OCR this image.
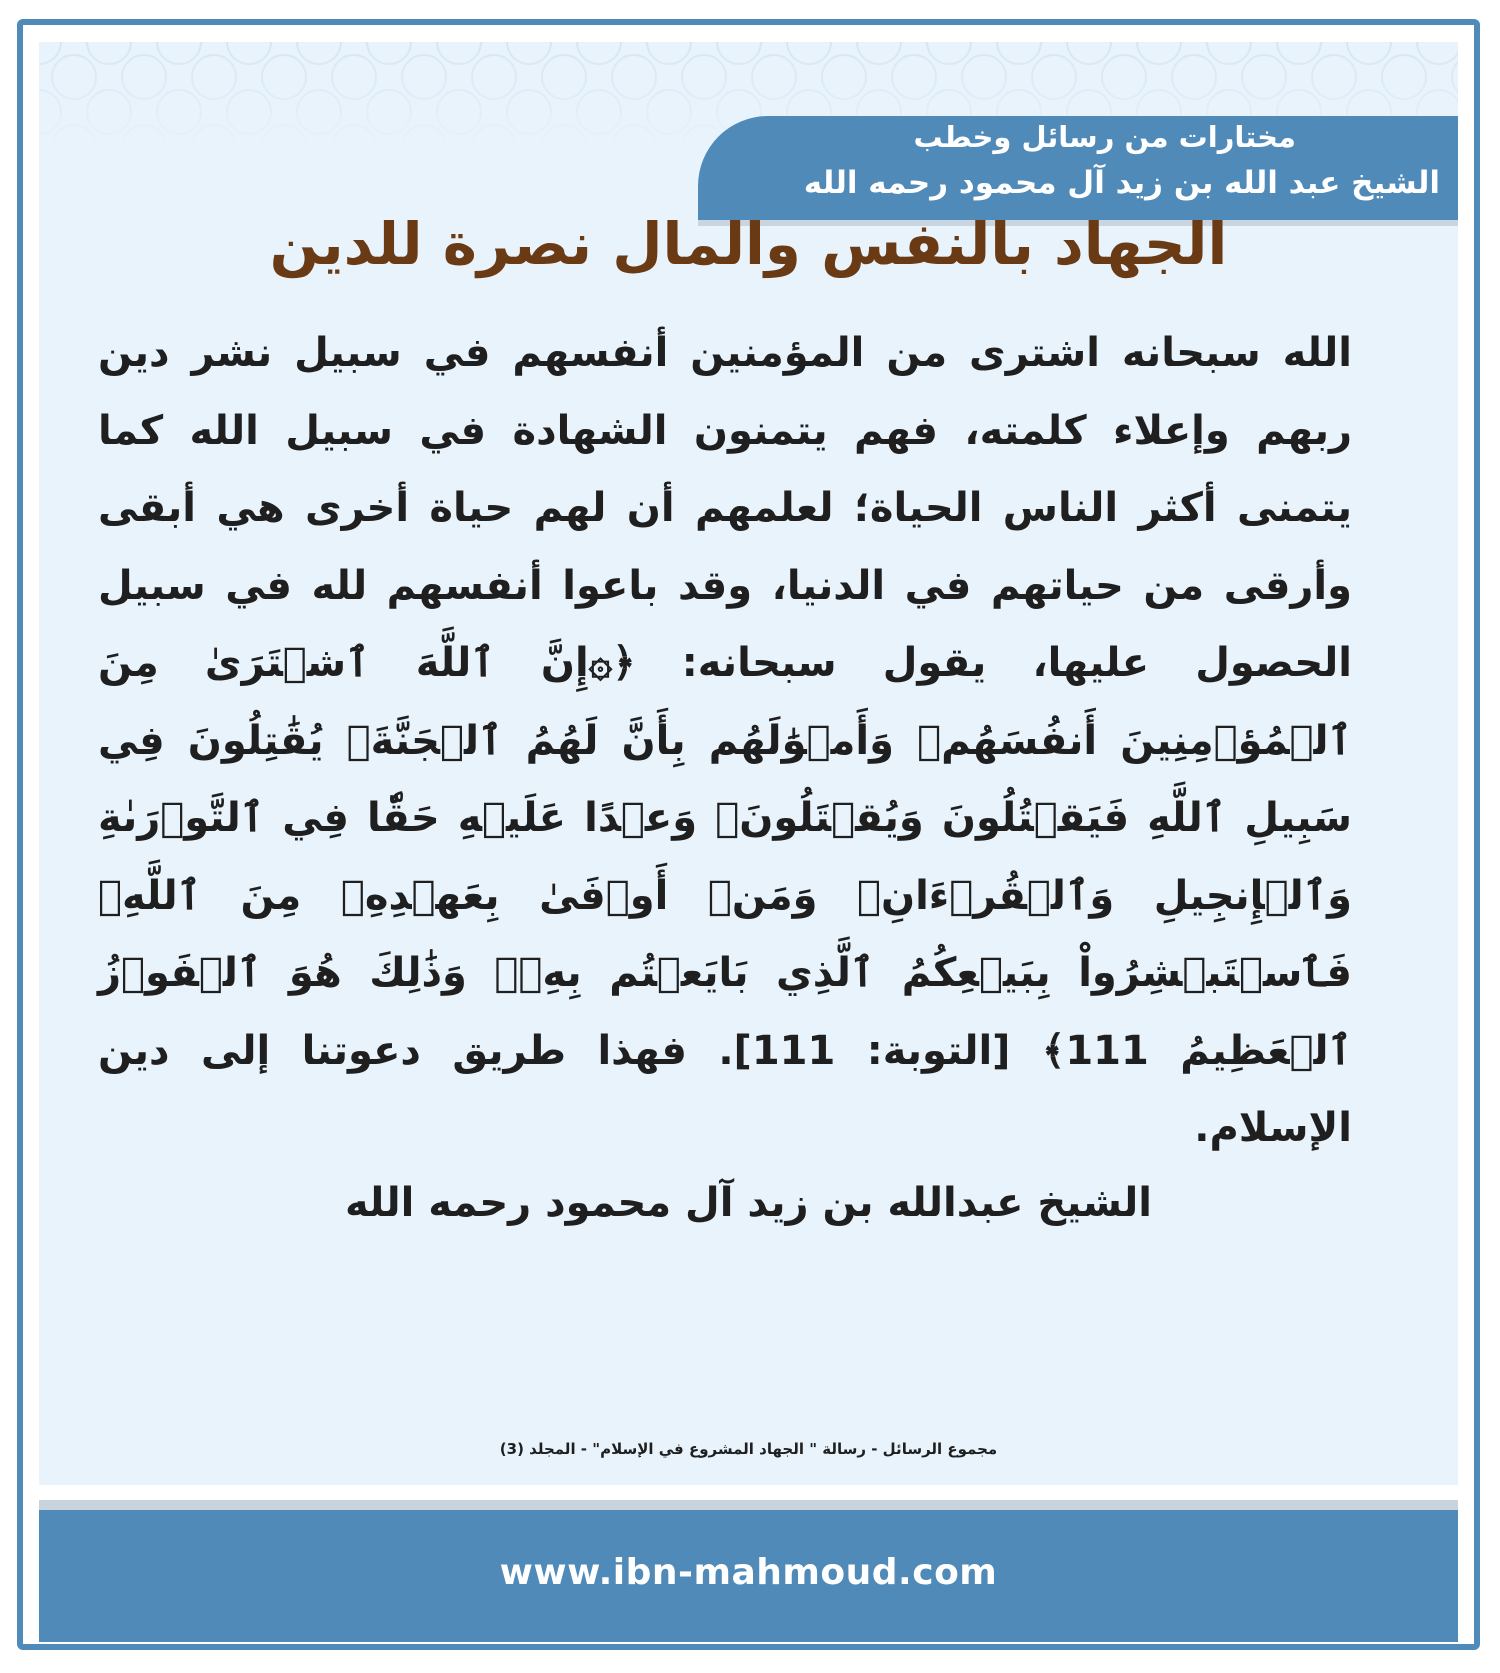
مختارات من رسائل وخطب
الشيخ عبد الله بن زيد آل محمود رحمه الله
الجهاد بالنفس والمال نصرة للدين
الله سبحانه اشترى من المؤمنين أنفسهم في سبيل نشر دين ربهم وإعلاء كلمته، فهم يتمنون الشهادة في سبيل الله كما يتمنى أكثر الناس الحياة؛ لعلمهم أن لهم حياة أخرى هي أبقى وأرقى من حياتهم في الدنيا، وقد باعوا أنفسهم لله في سبيل الحصول عليها، يقول سبحانه: ﴿۞إِنَّ ٱللَّهَ ٱشۡتَرَىٰ مِنَ ٱلۡمُؤۡمِنِينَ أَنفُسَهُمۡ وَأَمۡوَٰلَهُم بِأَنَّ لَهُمُ ٱلۡجَنَّةَۚ يُقَٰتِلُونَ فِي سَبِيلِ ٱللَّهِ فَيَقۡتُلُونَ وَيُقۡتَلُونَۖ وَعۡدًا عَلَيۡهِ حَقّٗا فِي ٱلتَّوۡرَىٰةِ وَٱلۡإِنجِيلِ وَٱلۡقُرۡءَانِۚ وَمَنۡ أَوۡفَىٰ بِعَهۡدِهِۦ مِنَ ٱللَّهِۚ فَٱسۡتَبۡشِرُواْ بِبَيۡعِكُمُ ٱلَّذِي بَايَعۡتُم بِهِۦۚ وَذَٰلِكَ هُوَ ٱلۡفَوۡزُ ٱلۡعَظِيمُ 111﴾ [التوبة: 111]. فهذا طريق دعوتنا إلى دين الإسلام.
الشيخ عبدالله بن زيد آل محمود رحمه الله
مجموع الرسائل - رسالة " الجهاد المشروع في الإسلام" - المجلد (3)
www.ibn-mahmoud.com
